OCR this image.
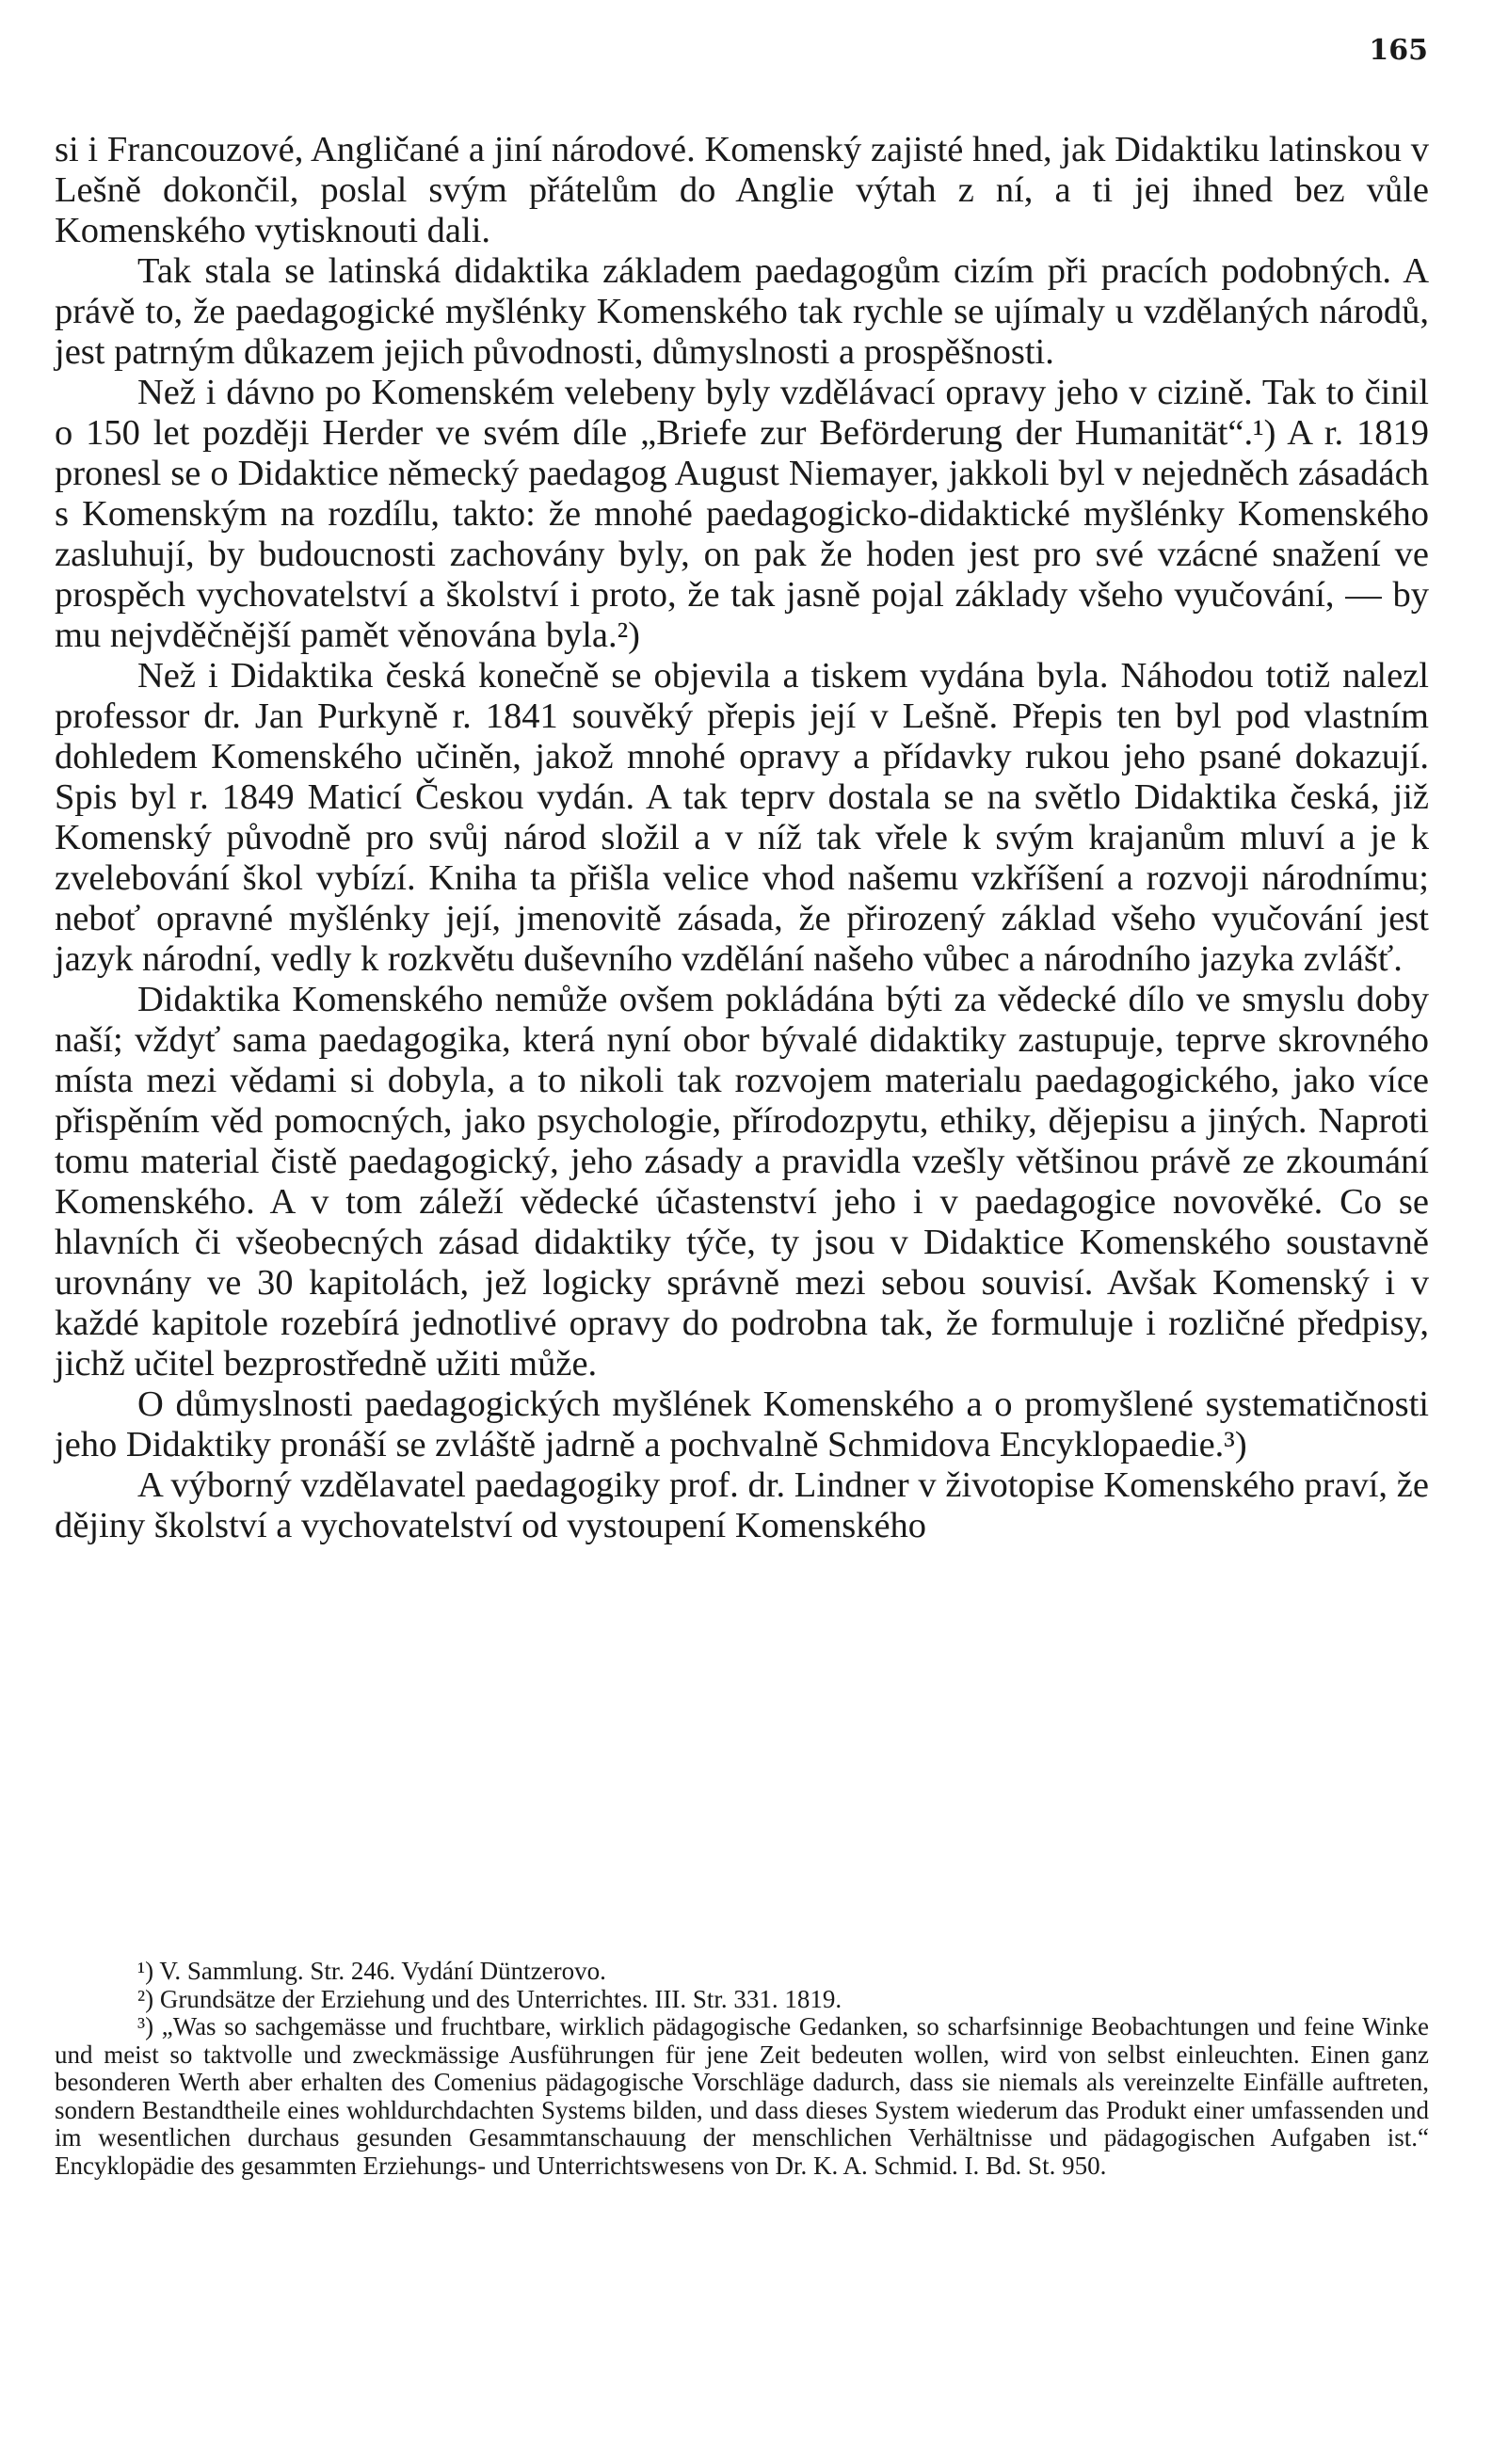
165

si i Francouzové, Angličané a jiní národové. Komenský zajisté hned, jak Didaktiku latinskou v Lešně dokončil, poslal svým přátelům do Anglie výtah z ní, a ti jej ihned bez vůle Komenského vytisknouti dali.

Tak stala se latinská didaktika základem paedagogům cizím při pracích podobných. A právě to, že paedagogické myšlénky Komenského tak rychle se ujímaly u vzdělaných národů, jest patrným důkazem jejich původnosti, důmyslnosti a prospěšnosti.

Než i dávno po Komenském velebeny byly vzdělávací opravy jeho v cizině. Tak to činil o 150 let později Herder ve svém díle „Briefe zur Beförderung der Humanität“.¹) A r. 1819 pronesl se o Didaktice německý paedagog August Niemayer, jakkoli byl v nejedněch zásadách s Komenským na rozdílu, takto: že mnohé paedagogicko-didaktické myšlénky Komenského zasluhují, by budoucnosti zachovány byly, on pak že hoden jest pro své vzácné snažení ve prospěch vychovatelství a školství i proto, že tak jasně pojal základy všeho vyučování, — by mu nejvděčnější pamět věnována byla.²)

Než i Didaktika česká konečně se objevila a tiskem vydána byla. Náhodou totiž nalezl professor dr. Jan Purkyně r. 1841 souvěký přepis její v Lešně. Přepis ten byl pod vlastním dohledem Komenského učiněn, jakož mnohé opravy a přídavky rukou jeho psané dokazují. Spis byl r. 1849 Maticí Českou vydán. A tak teprv dostala se na světlo Didaktika česká, již Komenský původně pro svůj národ složil a v níž tak vřele k svým krajanům mluví a je k zvelebování škol vybízí. Kniha ta přišla velice vhod našemu vzkříšení a rozvoji národnímu; neboť opravné myšlénky její, jmenovitě zásada, že přirozený základ všeho vyučování jest jazyk národní, vedly k rozkvětu duševního vzdělání našeho vůbec a národního jazyka zvlášť.

Didaktika Komenského nemůže ovšem pokládána býti za vědecké dílo ve smyslu doby naší; vždyť sama paedagogika, která nyní obor bývalé didaktiky zastupuje, teprve skrovného místa mezi vědami si dobyla, a to nikoli tak rozvojem materialu paedagogického, jako více přispěním věd pomocných, jako psychologie, přírodozpytu, ethiky, dějepisu a jiných. Naproti tomu material čistě paedagogický, jeho zásady a pravidla vzešly většinou právě ze zkoumání Komenského. A v tom záleží vědecké účastenství jeho i v paedagogice novověké. Co se hlavních či všeobecných zásad didaktiky týče, ty jsou v Didaktice Komenského soustavně urovnány ve 30 kapitolách, jež logicky správně mezi sebou souvisí. Avšak Komenský i v každé kapitole rozebírá jednotlivé opravy do podrobna tak, že formuluje i rozličné předpisy, jichž učitel bezprostředně užiti může.

O důmyslnosti paedagogických myšlének Komenského a o promyšlené systematičnosti jeho Didaktiky pronáší se zvláště jadrně a pochvalně Schmidova Encyklopaedie.³)

A výborný vzdělavatel paedagogiky prof. dr. Lindner v životopise Komenského praví, že dějiny školství a vychovatelství od vystoupení Komenského

¹) V. Sammlung. Str. 246. Vydání Düntzerovo.

²) Grundsätze der Erziehung und des Unterrichtes. III. Str. 331. 1819.

³) „Was so sachgemässe und fruchtbare, wirklich pädagogische Gedanken, so scharfsinnige Beobachtungen und feine Winke und meist so taktvolle und zweckmässige Ausführungen für jene Zeit bedeuten wollen, wird von selbst einleuchten. Einen ganz besonderen Werth aber erhalten des Comenius pädagogische Vorschläge dadurch, dass sie niemals als vereinzelte Einfälle auftreten, sondern Bestandtheile eines wohldurchdachten Systems bilden, und dass dieses System wiederum das Produkt einer umfassenden und im wesentlichen durchaus gesunden Gesammtanschauung der menschlichen Verhältnisse und pädagogischen Aufgaben ist.“ Encyklopädie des gesammten Erziehungs- und Unterrichtswesens von Dr. K. A. Schmid. I. Bd. St. 950.
